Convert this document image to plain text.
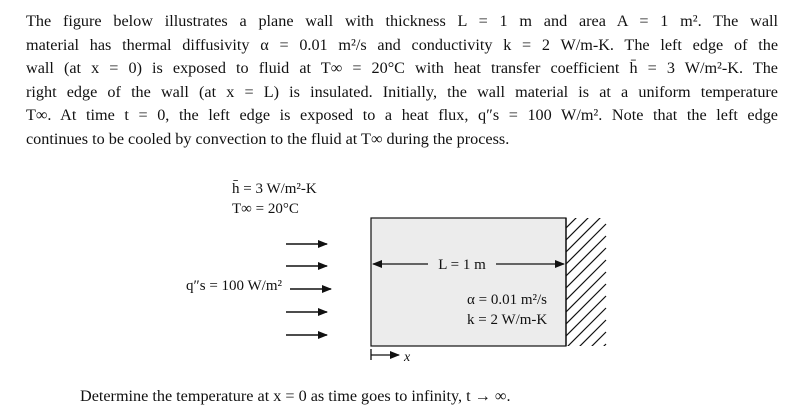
The figure below illustrates a plane wall with thickness L = 1 m and area A = 1 m². The wall
material has thermal diffusivity α = 0.01 m²/s and conductivity k = 2 W/m-K. The left edge of the
wall (at x = 0) is exposed to fluid at T∞ = 20°C with heat transfer coefficient h̄ = 3 W/m²-K. The
right edge of the wall (at x = L) is insulated. Initially, the wall material is at a uniform temperature
T∞. At time t = 0, the left edge is exposed to a heat flux, q″s = 100 W/m². Note that the left edge
continues to be cooled by convection to the fluid at T∞ during the process.
h̄ = 3 W/m²-K
T∞ = 20°C
q″s = 100 W/m²
L = 1 m
α = 0.01 m²/s
k = 2 W/m-K
x
Determine the temperature at x = 0 as time goes to infinity, t → ∞.
